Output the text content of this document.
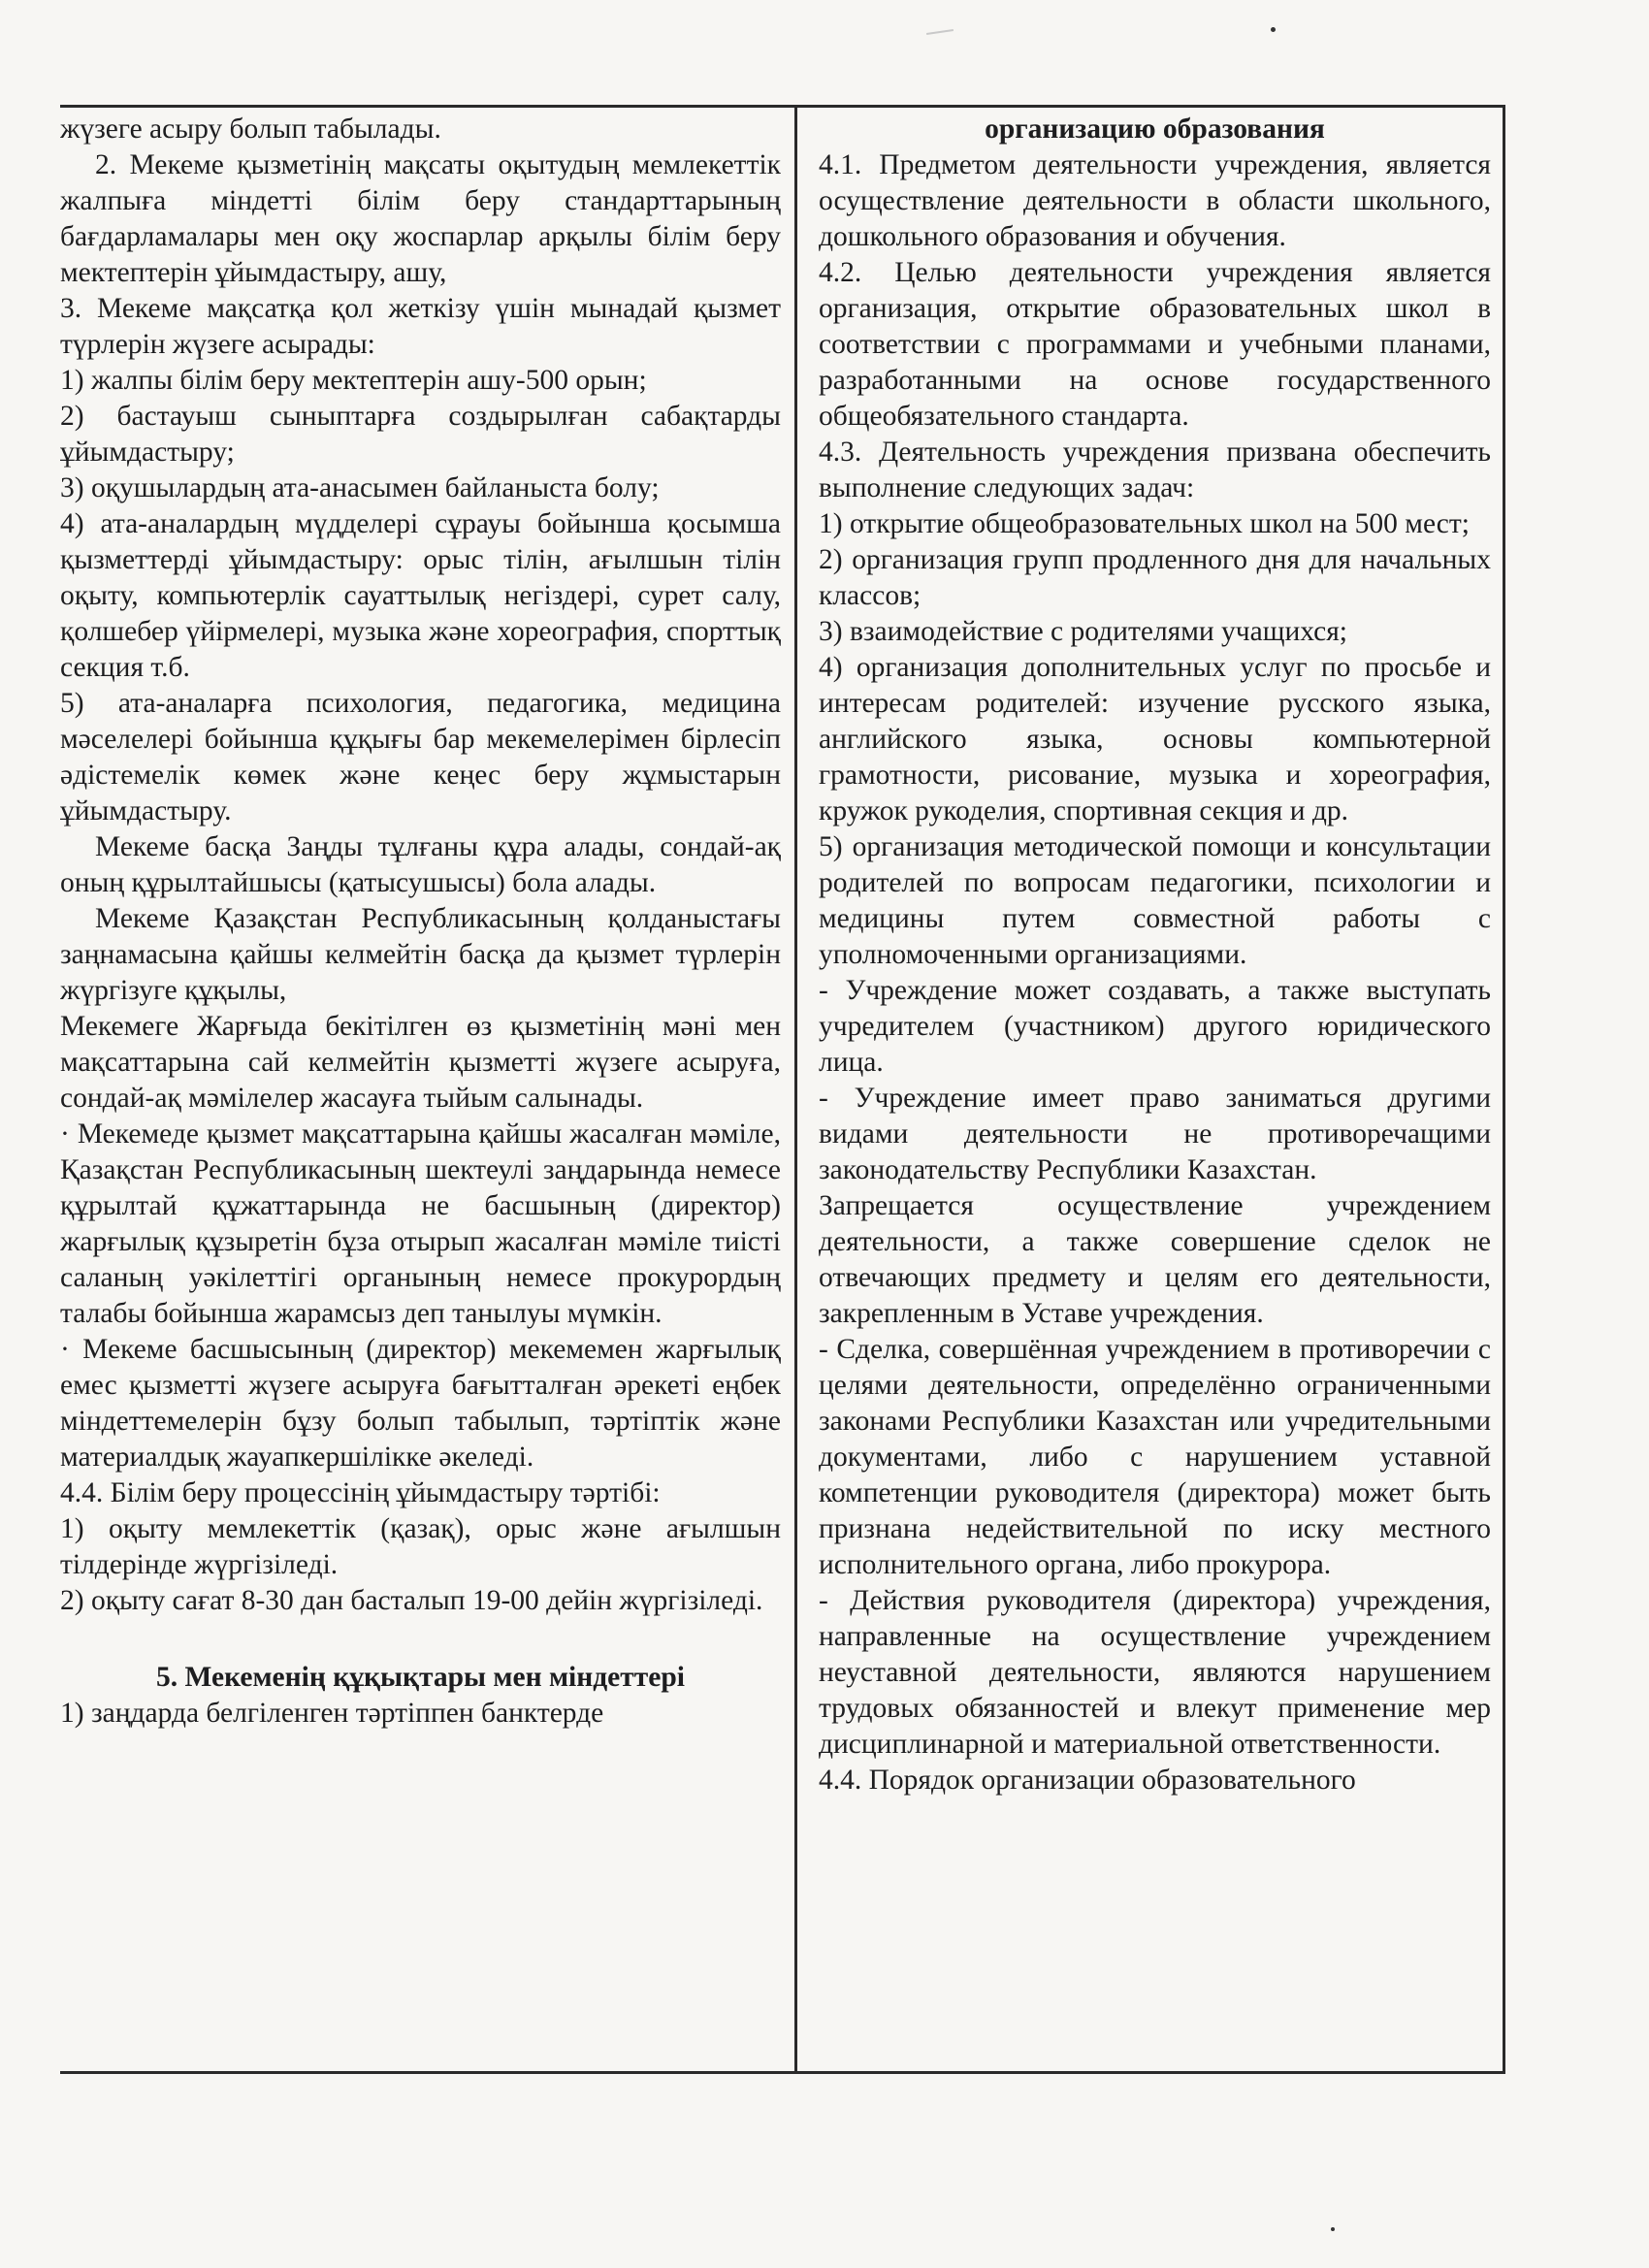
жүзеге асыру болып табылады.

2. Мекеме қызметінің мақсаты оқытудың мемлекеттік жалпыға міндетті білім беру стандарттарының бағдарламалары мен оқу жоспарлар арқылы білім беру мектептерін ұйымдастыру, ашу,

3. Мекеме мақсатқа қол жеткізу үшін мынадай қызмет түрлерін жүзеге асырады:

1) жалпы білім беру мектептерін ашу-500 орын;

2) бастауыш сыныптарға создырылған сабақтарды ұйымдастыру;

3) оқушылардың ата-анасымен байланыста болу;

4) ата-аналардың мүдделері сұрауы бойынша қосымша қызметтерді ұйымдастыру: орыс тілін, ағылшын тілін оқыту, компьютерлік сауаттылық негіздері, сурет салу, қолшебер үйірмелері, музыка және хореография, спорттық секция т.б.

5) ата-аналарға психология, педагогика, медицина мәселелері бойынша құқығы бар мекемелерімен бірлесіп әдістемелік көмек және кеңес беру жұмыстарын ұйымдастыру.

Мекеме басқа Заңды тұлғаны құра алады, сондай-ақ оның құрылтайшысы (қатысушысы) бола алады.

Мекеме Қазақстан Республикасының қолданыстағы заңнамасына қайшы келмейтін басқа да қызмет түрлерін жүргізуге құқылы,

Мекемеге Жарғыда бекітілген өз қызметінің мәні мен мақсаттарына сай келмейтін қызметті жүзеге асыруға, сондай-ақ мәмілелер жасауға тыйым салынады.

· Мекемеде қызмет мақсаттарына қайшы жасалған мәміле, Қазақстан Республикасының шектеулі заңдарында немесе құрылтай құжаттарында не басшының (директор) жарғылық құзыретін бұза отырып жасалған мәміле тиісті саланың уәкілеттігі органының немесе прокурордың талабы бойынша жарамсыз деп танылуы мүмкін.

· Мекеме басшысының (директор) мекемемен жарғылық емес қызметті жүзеге асыруға бағытталған әрекеті еңбек міндеттемелерін бұзу болып табылып, тәртіптік және материалдық жауапкершілікке әкеледі.

4.4. Білім беру процессінің ұйымдастыру тәртібі:

1) оқыту мемлекеттік (қазақ), орыс және ағылшын тілдерінде жүргізіледі.

2) оқыту сағат 8-30 дан басталып 19-00 дейін жүргізіледі.

5. Мекеменің құқықтары мен міндеттері

1) заңдарда белгіленген тәртіппен банктерде

организацию образования

4.1. Предметом деятельности учреждения, является осуществление деятельности в области школьного, дошкольного образования и обучения.

4.2. Целью деятельности учреждения является организация, открытие образовательных школ в соответствии с программами и учебными планами, разработанными на основе государственного общеобязательного стандарта.

4.3. Деятельность учреждения призвана обеспечить выполнение следующих задач:

1) открытие общеобразовательных школ на 500 мест;

2) организация групп продленного дня для начальных классов;

3) взаимодействие с родителями учащихся;

4) организация дополнительных услуг по просьбе и интересам родителей: изучение русского языка, английского языка, основы компьютерной грамотности, рисование, музыка и хореография, кружок рукоделия, спортивная секция и др.

5) организация методической помощи и консультации родителей по вопросам педагогики, психологии и медицины путем совместной работы с уполномоченными организациями.

- Учреждение может создавать, а также выступать учредителем (участником) другого юридического лица.

- Учреждение имеет право заниматься другими видами деятельности не противоречащими законодательству Республики Казахстан.

Запрещается осуществление учреждением деятельности, а также совершение сделок не отвечающих предмету и целям его деятельности, закрепленным в Уставе учреждения.

- Сделка, совершённая учреждением в противоречии с целями деятельности, определённо ограниченными законами Республики Казахстан или учредительными документами, либо с нарушением уставной компетенции руководителя (директора) может быть признана недействительной по иску местного исполнительного органа, либо прокурора.

- Действия руководителя (директора) учреждения, направленные на осуществление учреждением неуставной деятельности, являются нарушением трудовых обязанностей и влекут применение мер дисциплинарной и материальной ответственности.

4.4. Порядок организации образовательного
